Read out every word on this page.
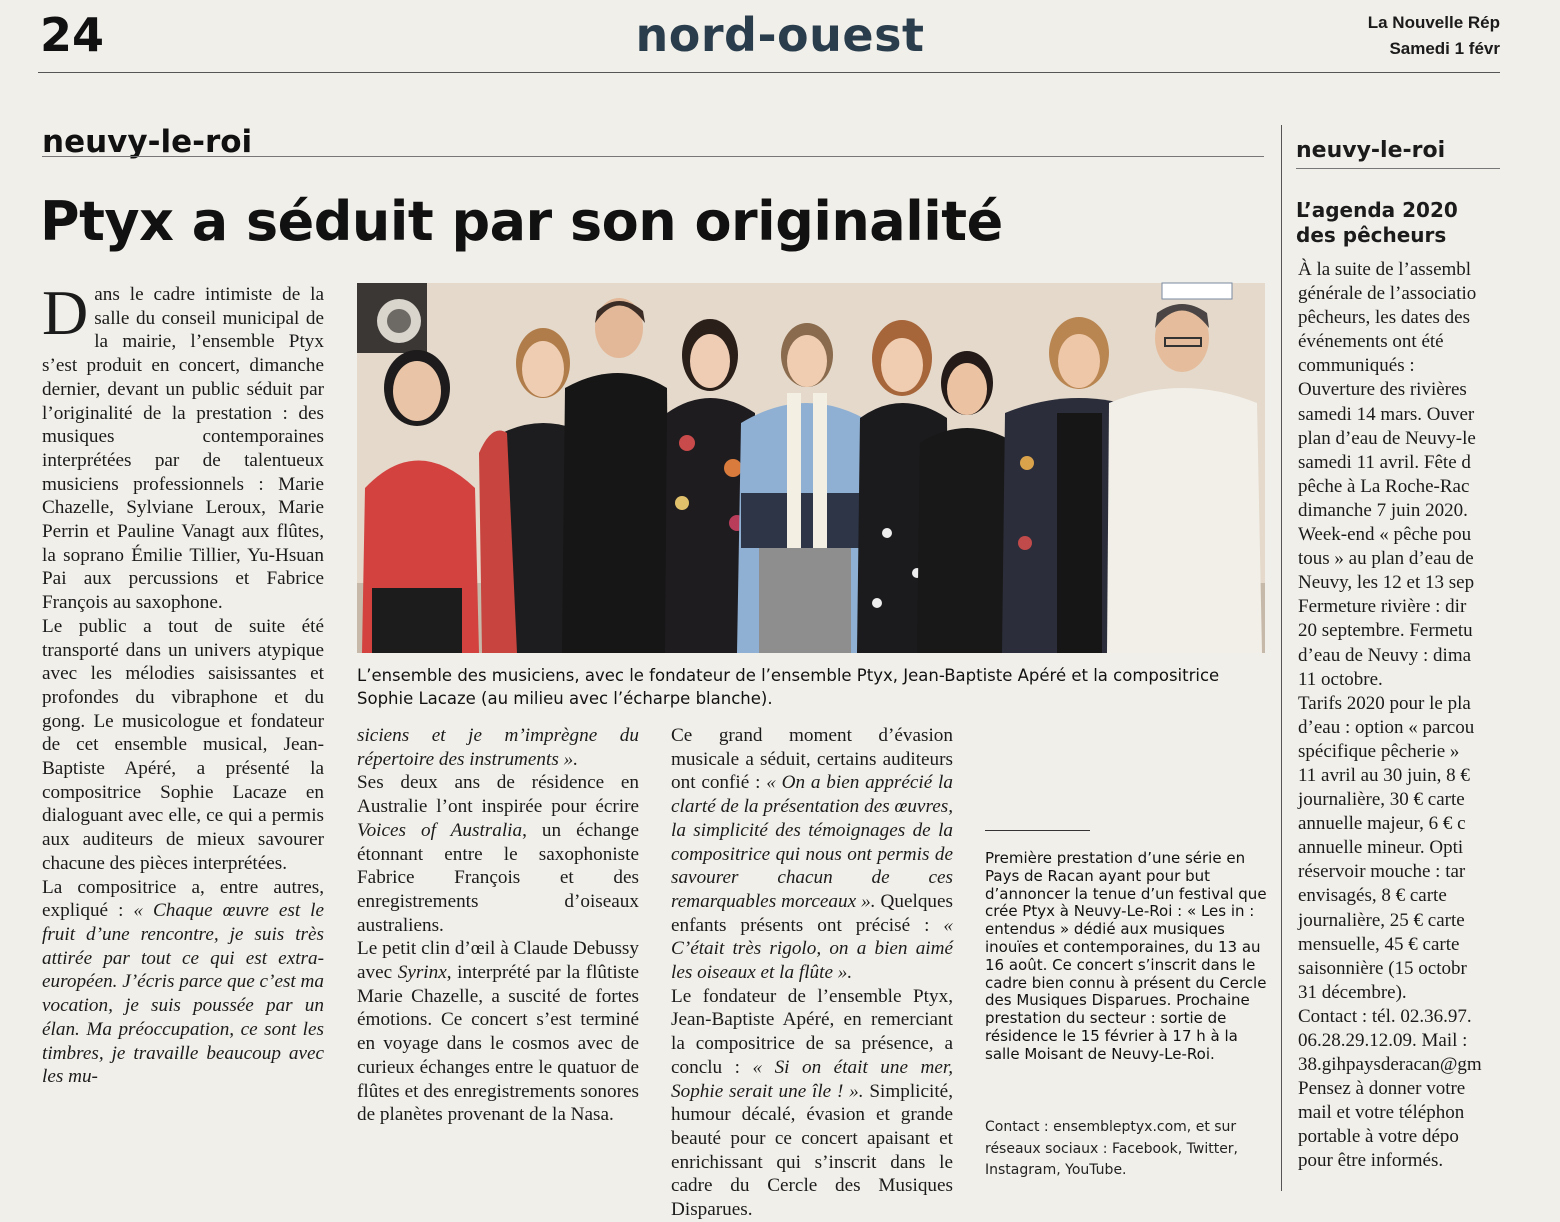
24	nord-ouest	La Nouvelle Rép
Samedi 1 févr
neuvy-le-roi
Ptyx a séduit par son originalité

Dans le cadre intimiste de la salle du conseil municipal de la mairie, l’ensemble Ptyx s’est produit en concert, dimanche dernier, devant un public séduit par l’originalité de la prestation : des musiques contemporaines interprétées par de talentueux musiciens professionnels : Marie Chazelle, Sylviane Leroux, Marie Perrin et Pauline Vanagt aux flûtes, la soprano Émilie Tillier, Yu-Hsuan Pai aux percussions et Fabrice François au saxophone.

Le public a tout de suite été transporté dans un univers atypique avec les mélodies saisissantes et profondes du vibraphone et du gong. Le musicologue et fondateur de cet ensemble musical, Jean-Baptiste Apéré, a présenté la compositrice Sophie Lacaze en dialoguant avec elle, ce qui a permis aux auditeurs de mieux savourer chacune des pièces interprétées.

La compositrice a, entre autres, expliqué : « Chaque œuvre est le fruit d’une rencontre, je suis très attirée par tout ce qui est extra-européen. J’écris parce que c’est ma vocation, je suis poussée par un élan. Ma préoccupation, ce sont les timbres, je travaille beaucoup avec les mu-

L’ensemble des musiciens, avec le fondateur de l’ensemble Ptyx, Jean-Baptiste Apéré et la compositrice Sophie Lacaze (au milieu avec l’écharpe blanche).

siciens et je m’imprègne du répertoire des instruments ».

Ses deux ans de résidence en Australie l’ont inspirée pour écrire Voices of Australia, un échange étonnant entre le saxophoniste Fabrice François et des enregistrements d’oiseaux australiens.

Le petit clin d’œil à Claude Debussy avec Syrinx, interprété par la flûtiste Marie Chazelle, a suscité de fortes émotions. Ce concert s’est terminé en voyage dans le cosmos avec de curieux échanges entre le quatuor de flûtes et des enregistrements sonores de planètes provenant de la Nasa.

Ce grand moment d’évasion musicale a séduit, certains auditeurs ont confié : « On a bien apprécié la clarté de la présentation des œuvres, la simplicité des témoignages de la compositrice qui nous ont permis de savourer chacun de ces remarquables morceaux ». Quelques enfants présents ont précisé : « C’était très rigolo, on a bien aimé les oiseaux et la flûte ».

Le fondateur de l’ensemble Ptyx, Jean-Baptiste Apéré, en remerciant la compositrice de sa présence, a conclu : « Si on était une mer, Sophie serait une île ! ». Simplicité, humour décalé, évasion et grande beauté pour ce concert apaisant et enrichissant qui s’inscrit dans le cadre du Cercle des Musiques Disparues.

Première prestation d’une série en Pays de Racan ayant pour but d’annoncer la tenue d’un festival que crée Ptyx à Neuvy-Le-Roi : « Les in : entendus » dédié aux musiques inouïes et contemporaines, du 13 au 16 août. Ce concert s’inscrit dans le cadre bien connu à présent du Cercle des Musiques Disparues. Prochaine prestation du secteur : sortie de résidence le 15 février à 17 h à la salle Moisant de Neuvy-Le-Roi.
Contact : ensembleptyx.com, et sur réseaux sociaux : Facebook, Twitter, Instagram, YouTube.
neuvy-le-roi
L’agenda 2020
des pêcheurs

À la suite de l’assembl

générale de l’associatio

pêcheurs, les dates des

événements ont été

communiqués :

Ouverture des rivières

samedi 14 mars. Ouver

plan d’eau de Neuvy-le

samedi 11 avril. Fête d

pêche à La Roche-Rac

dimanche 7 juin 2020.

Week-end « pêche pou

tous » au plan d’eau de

Neuvy, les 12 et 13 sep

Fermeture rivière : dir

20 septembre. Fermetu

d’eau de Neuvy : dima

11 octobre.

Tarifs 2020 pour le pla

d’eau : option « parcou

spécifique pêcherie »

11 avril au 30 juin, 8 €

journalière, 30 € carte

annuelle majeur, 6 € c

annuelle mineur. Opti

réservoir mouche : tar

envisagés, 8 € carte

journalière, 25 € carte

mensuelle, 45 € carte

saisonnière (15 octobr

31 décembre).

Contact : tél. 02.36.97.

06.28.29.12.09. Mail :

38.gihpaysderacan@gm

Pensez à donner votre

mail et votre téléphon

portable à votre dépo

pour être informés.
